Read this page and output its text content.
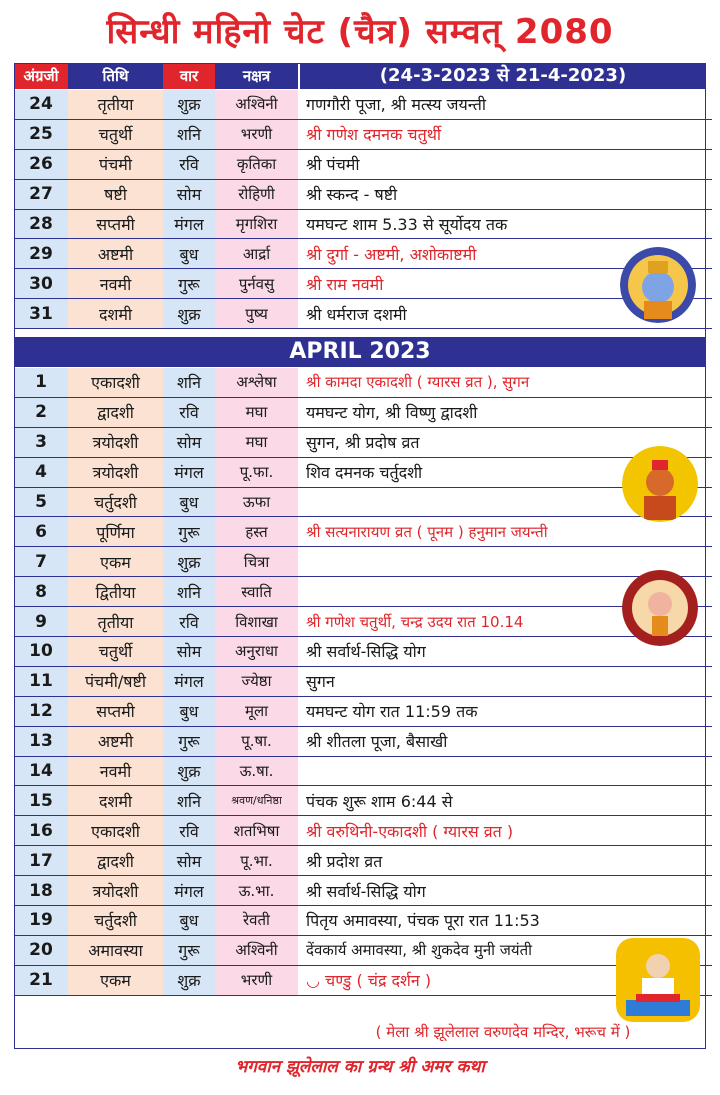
सिन्धी महिनो चेट (चैत्र) सम्वत् 2080
अंग्रजी	तिथि	वार	नक्षत्र	(24-3-2023 से 21-4-2023)
24	तृतीया	शुक्र	अश्विनी	गणगौरी पूजा, श्री मत्स्य जयन्ती
25	चतुर्थी	शनि	भरणी	श्री गणेश दमनक चतुर्थी
26	पंचमी	रवि	कृतिका	श्री पंचमी
27	षष्टी	सोम	रोहिणी	श्री स्कन्द - षष्टी
28	सप्तमी	मंगल	मृगशिरा	यमघन्ट शाम 5.33 से सूर्योदय तक
29	अष्टमी	बुध	आर्द्रा	श्री दुर्गा - अष्टमी, अशोकाष्टमी
30	नवमी	गुरू	पुर्नवसु	श्री राम नवमी
31	दशमी	शुक्र	पुष्य	श्री धर्मराज दशमी
APRIL 2023
1	एकादशी	शनि	अश्लेषा	श्री कामदा एकादशी ( ग्यारस व्रत ), सुगन
2	द्वादशी	रवि	मघा	यमघन्ट योग, श्री विष्णु द्वादशी
3	त्रयोदशी	सोम	मघा	सुगन, श्री प्रदोष व्रत
4	त्रयोदशी	मंगल	पू.फा.	शिव दमनक चर्तुदशी
5	चर्तुदशी	बुध	ऊफा	
6	पूर्णिमा	गुरू	हस्त	श्री सत्यनारायण व्रत ( पूनम ) हनुमान जयन्ती
7	एकम	शुक्र	चित्रा	
8	द्वितीया	शनि	स्वाति	
9	तृतीया	रवि	विशाखा	श्री गणेश चतुर्थी, चन्द्र उदय रात 10.14
10	चतुर्थी	सोम	अनुराधा	श्री सर्वार्थ-सिद्धि योग
11	पंचमी/षष्टी	मंगल	ज्येष्ठा	सुगन
12	सप्तमी	बुध	मूला	यमघन्ट योग रात 11:59 तक
13	अष्टमी	गुरू	पू.षा.	श्री शीतला पूजा, बैसाखी
14	नवमी	शुक्र	ऊ.षा.	
15	दशमी	शनि	श्रवण/धनिष्ठा	पंचक शुरू शाम 6:44 से
16	एकादशी	रवि	शतभिषा	श्री वरुथिनी-एकादशी ( ग्यारस व्रत )
17	द्वादशी	सोम	पू.भा.	श्री प्रदोश व्रत
18	त्रयोदशी	मंगल	ऊ.भा.	श्री सर्वार्थ-सिद्धि योग
19	चर्तुदशी	बुध	रेवती	पितृय अमावस्या, पंचक पूरा रात 11:53
20	अमावस्या	गुरू	अश्विनी	देंवकार्य अमावस्या, श्री शुकदेव मुनी जयंती
21	एकम	शुक्र	भरणी	◡ चण्डु ( चंद्र दर्शन )
( मेला श्री झूलेलाल वरुणदेव मन्दिर, भरूच में )
भगवान झूलेलाल का ग्रन्थ श्री अमर कथा
